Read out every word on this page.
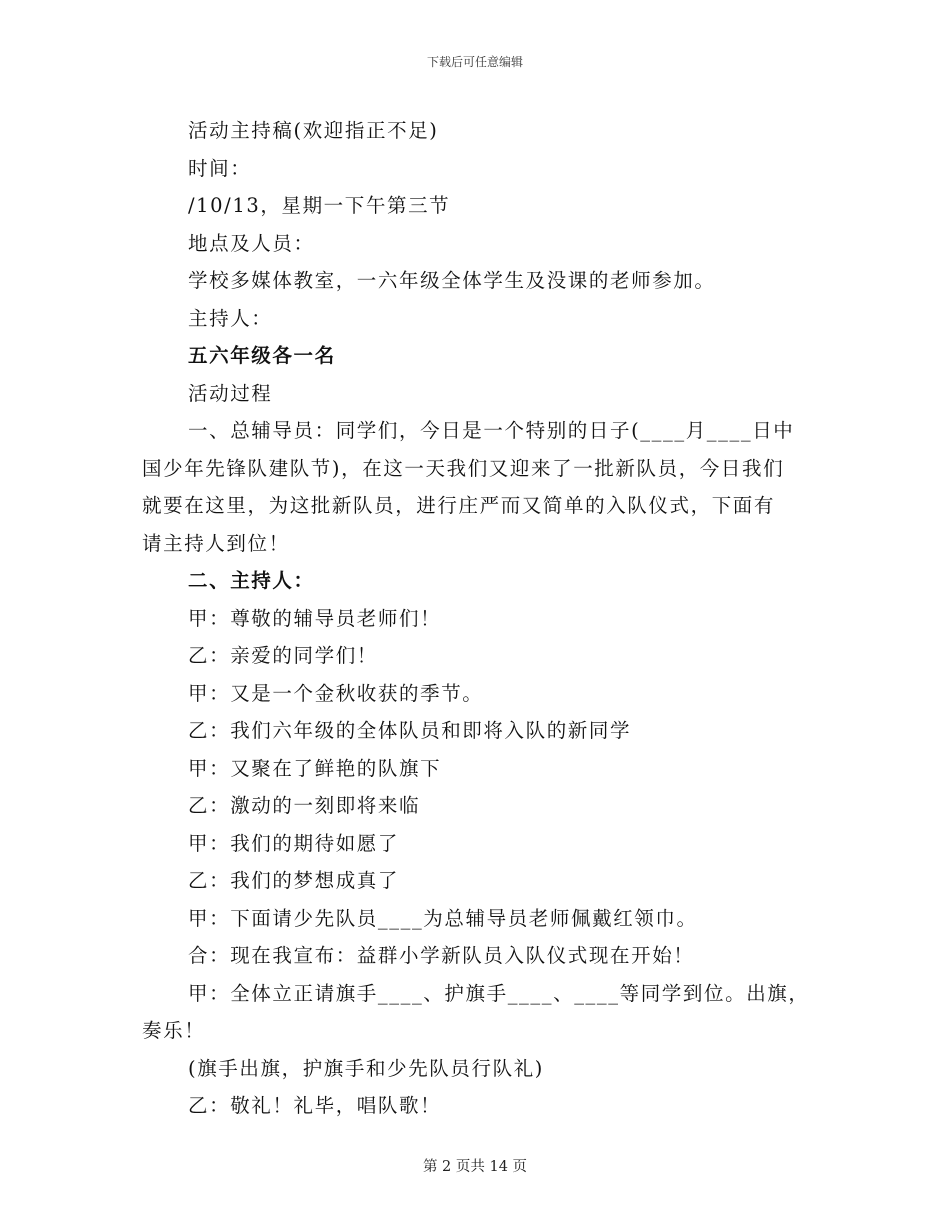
下载后可任意编辑
活动主持稿(欢迎指正不足)
时间：
/10/13，星期一下午第三节
地点及人员：
学校多媒体教室，一六年级全体学生及没课的老师参加。
主持人：
五六年级各一名
活动过程
一、总辅导员：同学们，今日是一个特别的日子(____月____日中
国少年先锋队建队节)，在这一天我们又迎来了一批新队员，今日我们
就要在这里，为这批新队员，进行庄严而又简单的入队仪式，下面有
请主持人到位！
二、主持人：
甲：尊敬的辅导员老师们！
乙：亲爱的同学们！
甲：又是一个金秋收获的季节。
乙：我们六年级的全体队员和即将入队的新同学
甲：又聚在了鲜艳的队旗下
乙：激动的一刻即将来临
甲：我们的期待如愿了
乙：我们的梦想成真了
甲：下面请少先队员____为总辅导员老师佩戴红领巾。
合：现在我宣布：益群小学新队员入队仪式现在开始！
甲：全体立正请旗手____、护旗手____、____等同学到位。出旗，
奏乐！
(旗手出旗，护旗手和少先队员行队礼)
乙：敬礼！礼毕，唱队歌！
第 2 页共 14 页
